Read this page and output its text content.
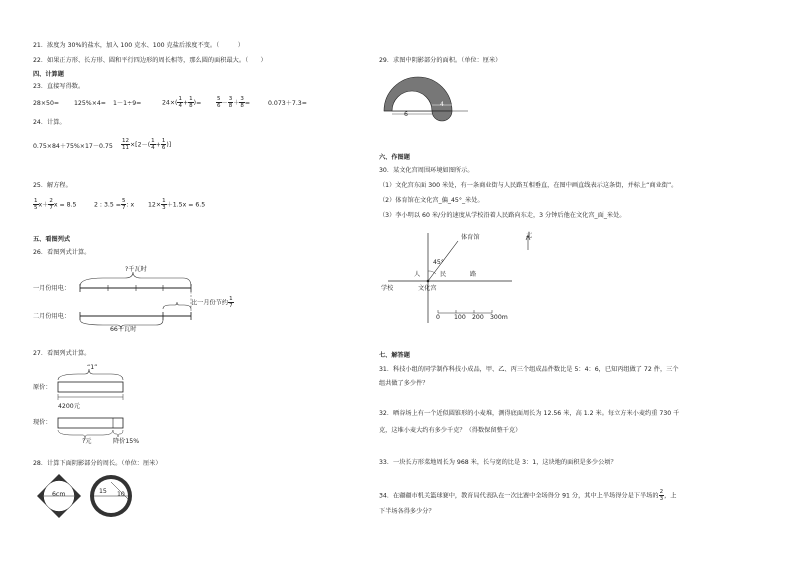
21．浓度为 30%的盐水，加入 100 克水、100 克盐后浓度不变。（　　　）
22．如果正方形、长方形、圆和平行四边形的周长相等，那么圆的面积最大。（　　）
四、计算题
23．直接写得数。
28×50= 125%×4= 1－1÷9=	$24\times( \frac{1}{4} + \frac{1}{8}$ )=	$\frac{5}{6} - \frac{3}{8} + \frac{3}{8}$ =	0.073＋7.3=
24．计算。
$0.75\times 84+75\%\times 17-0.75 \frac{12}{11} \times[2-( \frac{1}{4} + \frac{1}{6}$ )]
25．解方程。
$\frac{1}{5} x+ \frac{2}{7}$ x = 8.5	2 : $3.5 = \frac{5}{7}$ : x $12\times \frac{1}{3} +1.5x = 6.5$
五、看图列式
26．看图列式计算。
?千瓦时
一月份用电：
二月份用电：
比一月份节约 $\frac{1}{7}$
66千瓦时
27．看图列式计算。
“1”
原价：
现价：
4200元
?元	降价15%
28．计算下面阴影部分的周长。（单位：厘米）
6cm	15 10
29．求图中阴影部分的面积。（单位：厘米）
6
4
六、作图题
30．某文化宫周围环境如图所示。
（1）文化宫东面 300 米处，有一条商业街与人民路互相垂直，在图中画直线表示这条街，并标上“商业街”。
（2）体育馆在文化宫_偏_45°_米处。
（3）李小明以 60 米/分的速度从学校沿着人民路向东走，3 分钟后他在文化宫_面_米处。
体育馆	北
45°
人	民	路
学校	文化宫
0 100 200 300m
七、解答题
31．科技小组的同学制作科技小成品，甲、乙、丙三个组成品件数比是 5：4：6，已知丙组做了 72 件，三个
组共做了多少件？
32．晒谷场上有一个近似圆锥形的小麦堆，测得底面周长为 12.56 米，高 1.2 米。每立方米小麦约重 730 千
克，这堆小麦大约有多少千克？（得数保留整千克）
33．一块长方形菜地周长为 968 米，长与宽的比是 3：1，这块地的面积是多少公顷？
34．在疆疆市机关篮球赛中，教育局代表队在一次比赛中全场得分 91 分，其中上半场得分是下半场的 $\frac{2}{3}$ ，上
下半场各得多少分？
